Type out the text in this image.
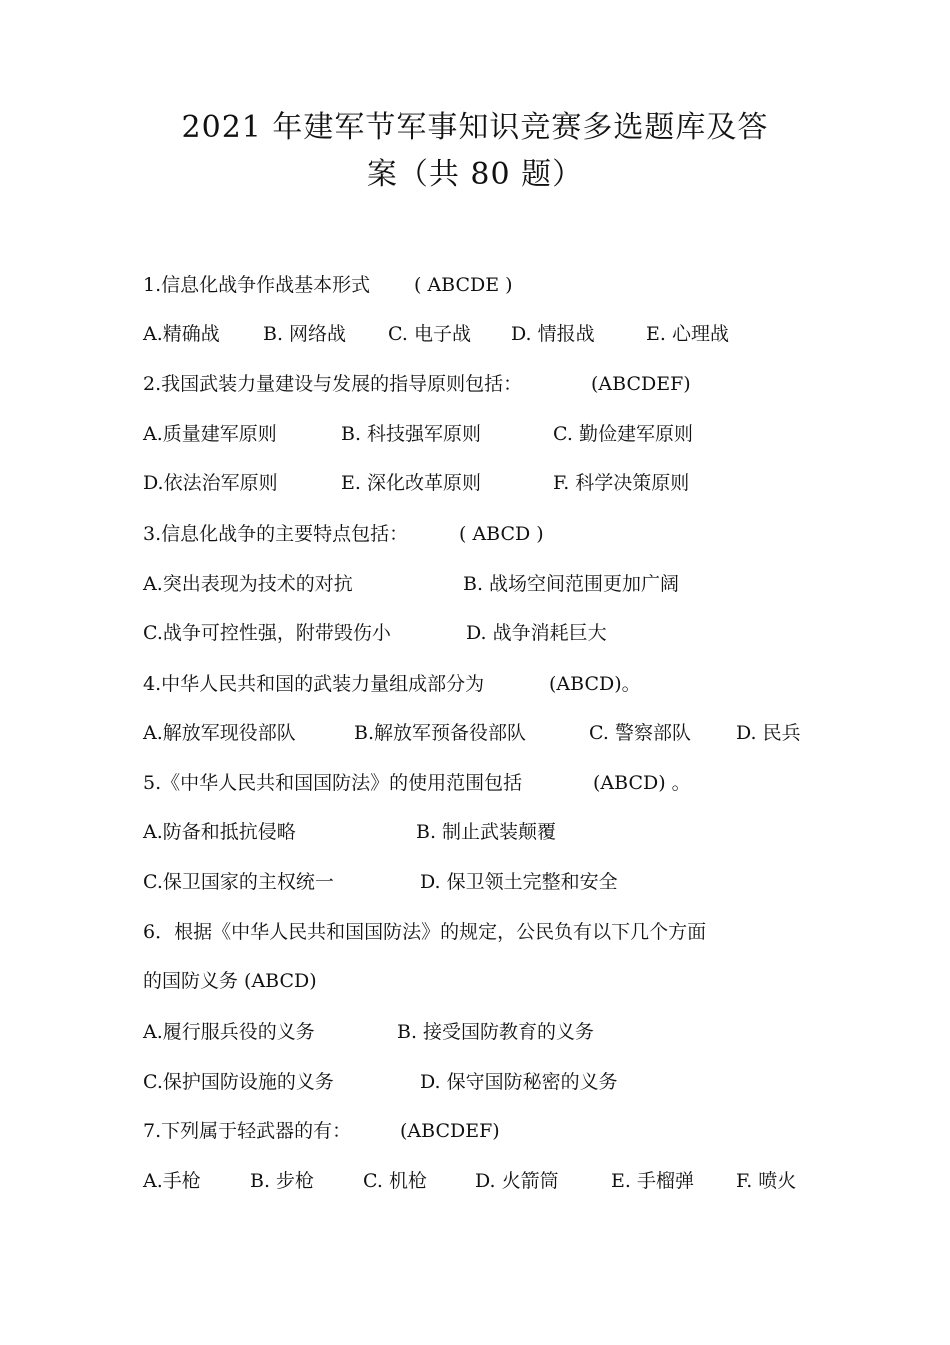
2021 年建军节军事知识竞赛多选题库及答
案（共 80 题）
1.信息化战争作战基本形式 ( ABCDE )
A.精确战 B. 网络战 C. 电子战 D. 情报战	E. 心理战
2.我国武装力量建设与发展的指导原则包括：	(ABCDEF)
A.质量建军原则	B. 科技强军原则	C. 勤俭建军原则
D.依法治军原则	E. 深化改革原则	F. 科学决策原则
3.信息化战争的主要特点包括：	( ABCD )
A.突出表现为技术的对抗	B. 战场空间范围更加广阔
C.战争可控性强，附带毁伤小	D. 战争消耗巨大
4.中华人民共和国的武装力量组成部分为	(ABCD)。
A.解放军现役部队	B.解放军预备役部队	C. 警察部队 D. 民兵
5.《中华人民共和国国防法》的使用范围包括	(ABCD) 。
A.防备和抵抗侵略	B. 制止武装颠覆
C.保卫国家的主权统一	D. 保卫领土完整和安全
6．根据《中华人民共和国国防法》的规定，公民负有以下几个方面
的国防义务 (ABCD)
A.履行服兵役的义务	B. 接受国防教育的义务
C.保护国防设施的义务	D. 保守国防秘密的义务
7.下列属于轻武器的有：	(ABCDEF)
A.手枪	B. 步枪	C. 机枪	D. 火箭筒	E. 手榴弹 F. 喷火
